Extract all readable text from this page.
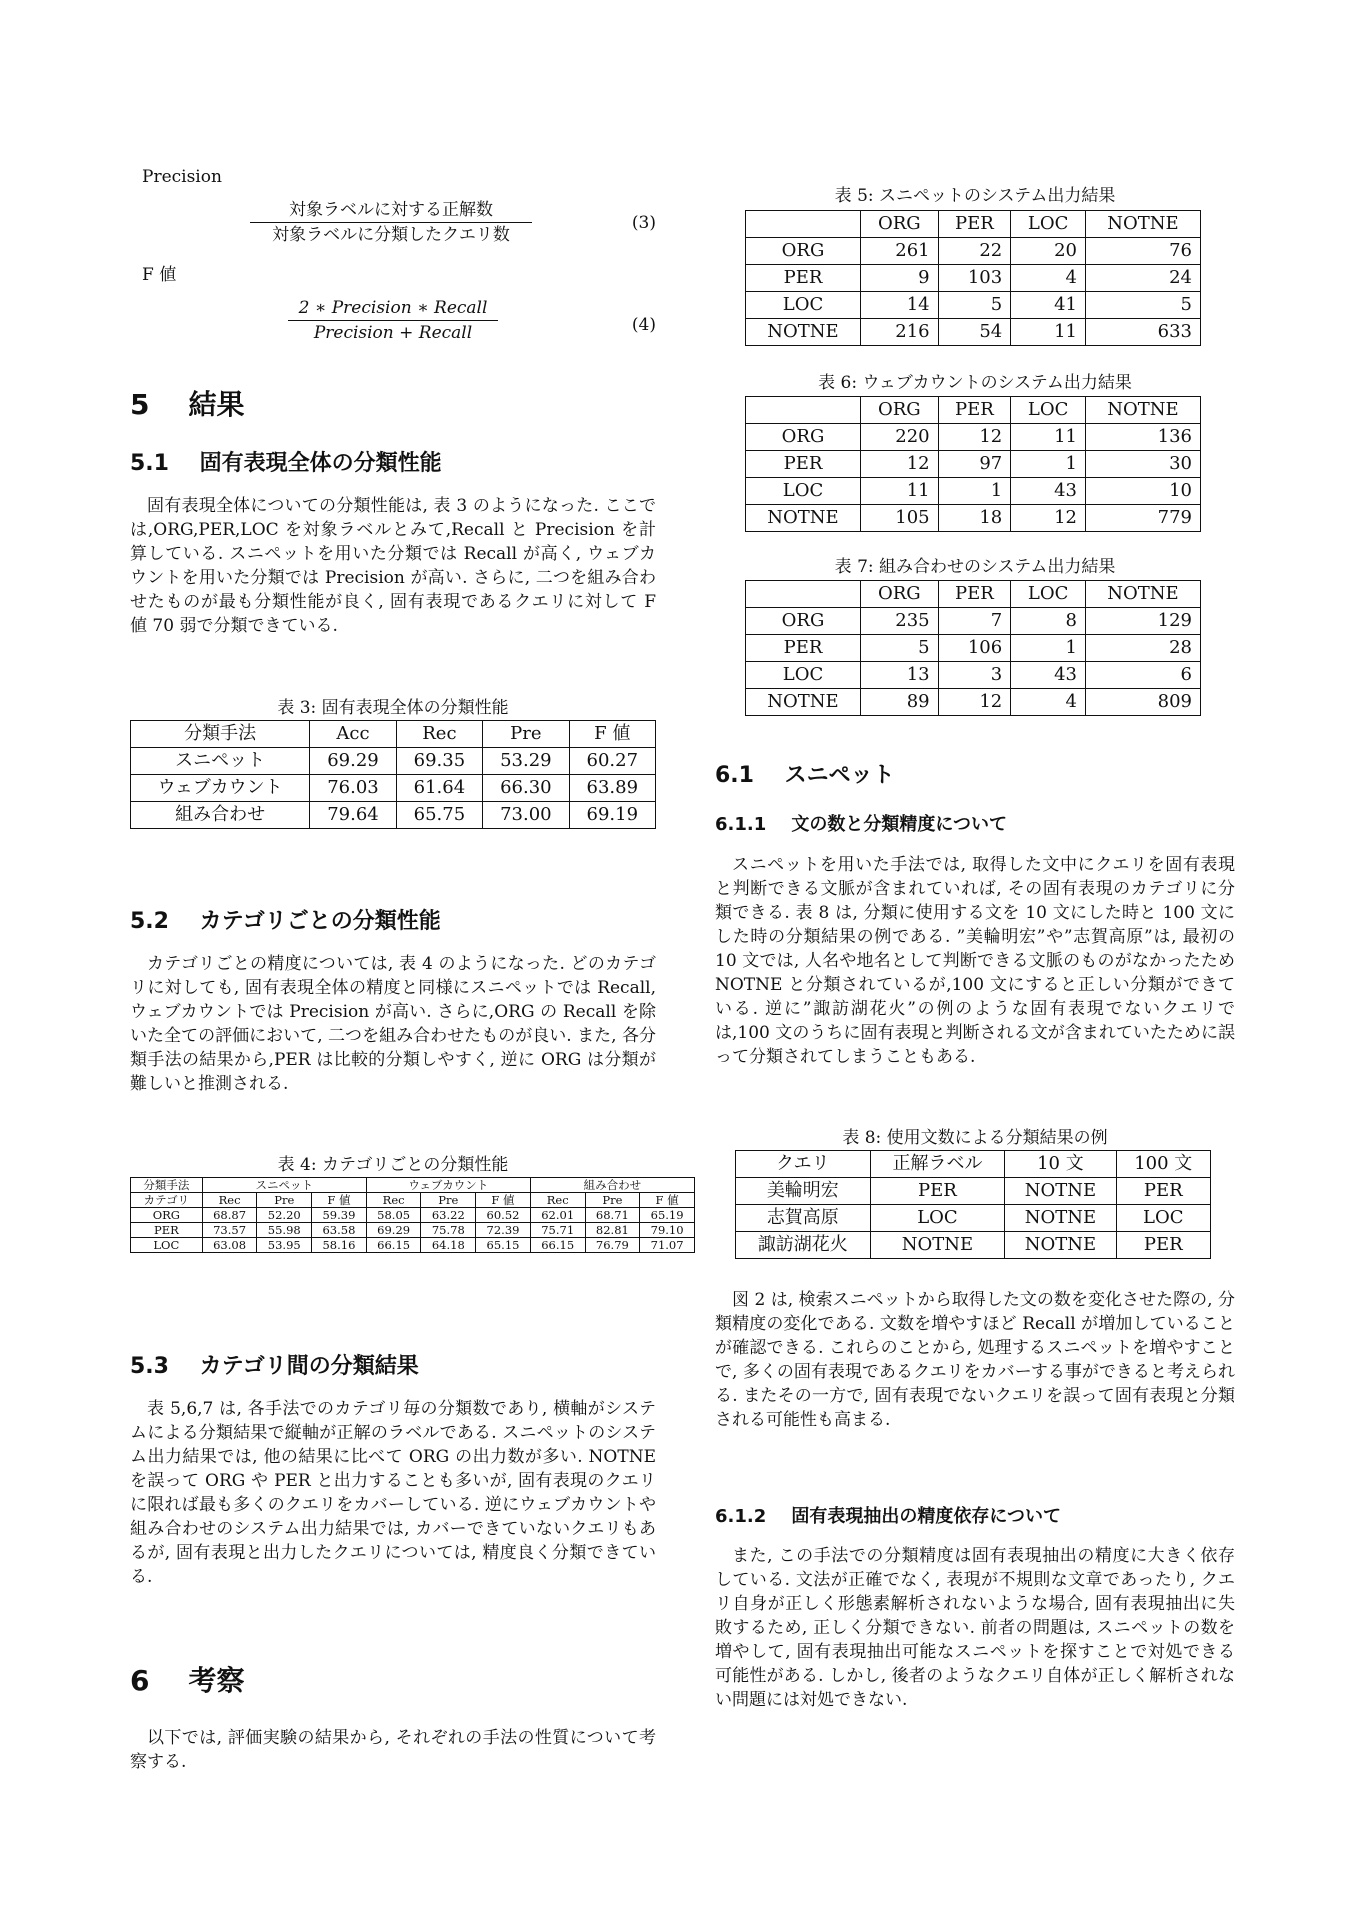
Precision
対象ラベルに対する正解数
対象ラベルに分類したクエリ数
(3)
F 値
2 ∗ Precision ∗ Recall
Precision + Recall	(4)
5 結果
5.1 固有表現全体の分類性能

固有表現全体についての分類性能は, 表 3 のようになった. ここでは,ORG,PER,LOC を対象ラベルとみて,Recall と Precision を計算している. スニペットを用いた分類では Recall が高く, ウェブカウントを用いた分類では Precision が高い. さらに, 二つを組み合わせたものが最も分類性能が良く, 固有表現であるクエリに対して F 値 70 弱で分類できている.

表 3: 固有表現全体の分類性能
分類手法	Acc	Rec	Pre	F 値
スニペット	69.29	69.35	53.29	60.27
ウェブカウント	76.03	61.64	66.30	63.89
組み合わせ	79.64	65.75	73.00	69.19
5.2 カテゴリごとの分類性能

カテゴリごとの精度については, 表 4 のようになった. どのカテゴリに対しても, 固有表現全体の精度と同様にスニペットでは Recall, ウェブカウントでは Precision が高い. さらに,ORG の Recall を除いた全ての評価において, 二つを組み合わせたものが良い. また, 各分類手法の結果から,PER は比較的分類しやすく, 逆に ORG は分類が難しいと推測される.

表 4: カテゴリごとの分類性能
分類手法	スニペット			ウェブカウント			組み合わせ		
カテゴリ	Rec	Pre	F 値	Rec	Pre	F 値	Rec	Pre	F 値
ORG	68.87	52.20	59.39	58.05	63.22	60.52	62.01	68.71	65.19
PER	73.57	55.98	63.58	69.29	75.78	72.39	75.71	82.81	79.10
LOC	63.08	53.95	58.16	66.15	64.18	65.15	66.15	76.79	71.07
5.3 カテゴリ間の分類結果

表 5,6,7 は, 各手法でのカテゴリ毎の分類数であり, 横軸がシステムによる分類結果で縦軸が正解のラベルである. スニペットのシステム出力結果では, 他の結果に比べて ORG の出力数が多い. NOTNE を誤って ORG や PER と出力することも多いが, 固有表現のクエリに限れば最も多くのクエリをカバーしている. 逆にウェブカウントや組み合わせのシステム出力結果では, カバーできていないクエリもあるが, 固有表現と出力したクエリについては, 精度良く分類できている.

6 考察

以下では, 評価実験の結果から, それぞれの手法の性質について考察する.

表 5: スニペットのシステム出力結果
	ORG	PER	LOC	NOTNE
ORG	261	22	20	76
PER	9	103	4	24
LOC	14	5	41	5
NOTNE	216	54	11	633
表 6: ウェブカウントのシステム出力結果
	ORG	PER	LOC	NOTNE
ORG	220	12	11	136
PER	12	97	1	30
LOC	11	1	43	10
NOTNE	105	18	12	779
表 7: 組み合わせのシステム出力結果
	ORG	PER	LOC	NOTNE
ORG	235	7	8	129
PER	5	106	1	28
LOC	13	3	43	6
NOTNE	89	12	4	809
6.1 スニペット
6.1.1 文の数と分類精度について

スニペットを用いた手法では, 取得した文中にクエリを固有表現と判断できる文脈が含まれていれば, その固有表現のカテゴリに分類できる. 表 8 は, 分類に使用する文を 10 文にした時と 100 文にした時の分類結果の例である. ”美輪明宏”や”志賀高原”は, 最初の 10 文では, 人名や地名として判断できる文脈のものがなかったため NOTNE と分類されているが,100 文にすると正しい分類ができている. 逆に”諏訪湖花火”の例のような固有表現でないクエリでは,100 文のうちに固有表現と判断される文が含まれていたために誤って分類されてしまうこともある.

表 8: 使用文数による分類結果の例
クエリ	正解ラベル	10 文	100 文
美輪明宏	PER	NOTNE	PER
志賀高原	LOC	NOTNE	LOC
諏訪湖花火	NOTNE	NOTNE	PER

図 2 は, 検索スニペットから取得した文の数を変化させた際の, 分類精度の変化である. 文数を増やすほど Recall が増加していることが確認できる. これらのことから, 処理するスニペットを増やすことで, 多くの固有表現であるクエリをカバーする事ができると考えられる. またその一方で, 固有表現でないクエリを誤って固有表現と分類される可能性も高まる.

6.1.2 固有表現抽出の精度依存について

また, この手法での分類精度は固有表現抽出の精度に大きく依存している. 文法が正確でなく, 表現が不規則な文章であったり, クエリ自身が正しく形態素解析されないような場合, 固有表現抽出に失敗するため, 正しく分類できない. 前者の問題は, スニペットの数を増やして, 固有表現抽出可能なスニペットを探すことで対処できる可能性がある. しかし, 後者のようなクエリ自体が正しく解析されない問題には対処できない.
